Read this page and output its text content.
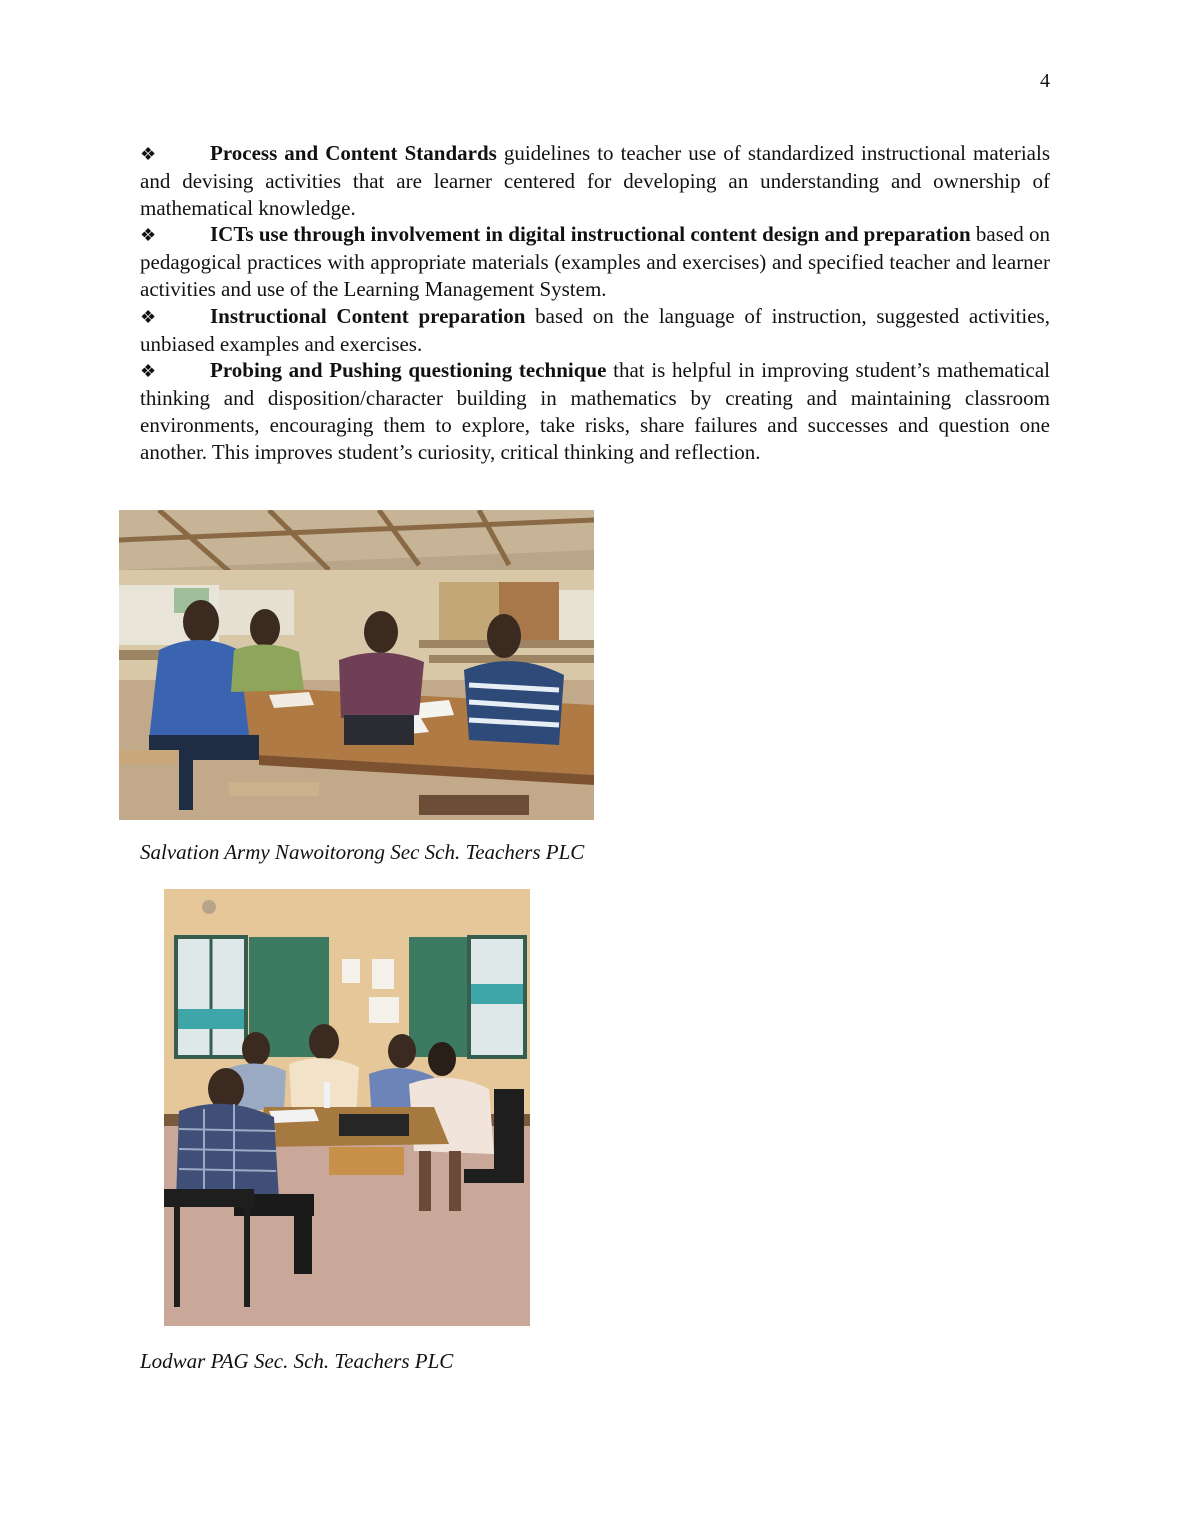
4

❖	Process and Content Standards guidelines to teacher use of standardized instructional materials and devising activities that are learner centered for developing an understanding and ownership of mathematical knowledge.

❖	ICTs use through involvement in digital instructional content design and preparation based on pedagogical practices with appropriate materials (examples and exercises) and specified teacher and learner activities and use of the Learning Management System.

❖	Instructional Content preparation based on the language of instruction, suggested activities, unbiased examples and exercises.

❖	Probing and Pushing questioning technique that is helpful in improving student’s mathematical thinking and disposition/character building in mathematics by creating and maintaining classroom environments, encouraging them to explore, take risks, share failures and successes and question one another. This improves student’s curiosity, critical thinking and reflection.

Salvation Army Nawoitorong Sec Sch. Teachers PLC
Lodwar PAG Sec. Sch. Teachers PLC
